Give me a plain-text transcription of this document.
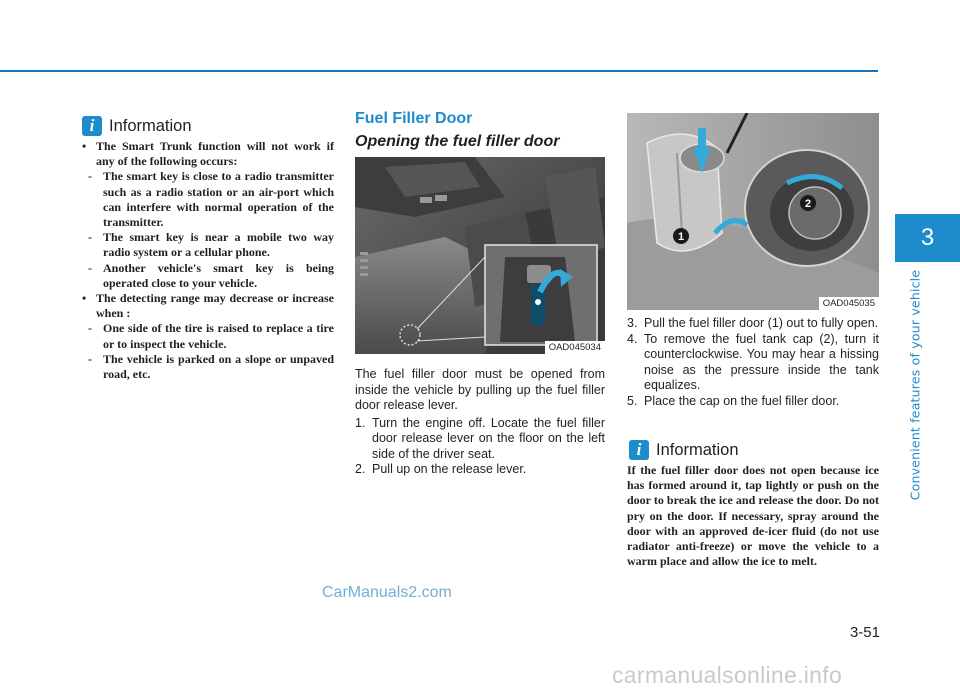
3
Convenient features of your vehicle
i Information

• The Smart Trunk function will not work if any of the following occurs:

- The smart key is close to a radio transmitter such as a radio station or an air-port which can interfere with normal operation of the transmitter.

- The smart key is near a mobile two way radio system or a cellular phone.

- Another vehicle's smart key is being operated close to your vehicle.

• The detecting range may decrease or increase when :

- One side of the tire is raised to replace a tire or to inspect the vehicle.

- The vehicle is parked on a slope or unpaved road, etc.

Fuel Filler Door
Opening the fuel filler door
OAD045034

The fuel filler door must be opened from inside the vehicle by pulling up the fuel filler door release lever.

1. Turn the engine off. Locate the fuel filler door release lever on the floor on the left side of the driver seat.

2. Pull up on the release lever.

1
2
OAD045035

3. Pull the fuel filler door (1) out to fully open.

4. To remove the fuel tank cap (2), turn it counterclockwise. You may hear a hissing noise as the pressure inside the tank equalizes.

5. Place the cap on the fuel filler door.

i Information
If the fuel filler door does not open because ice has formed around it, tap lightly or push on the door to break the ice and release the door. Do not pry on the door. If necessary, spray around the door with an approved de-icer fluid (do not use radiator anti-freeze) or move the vehicle to a warm place and allow the ice to melt.
3-51
CarManuals2.com
carmanualsonline.info
